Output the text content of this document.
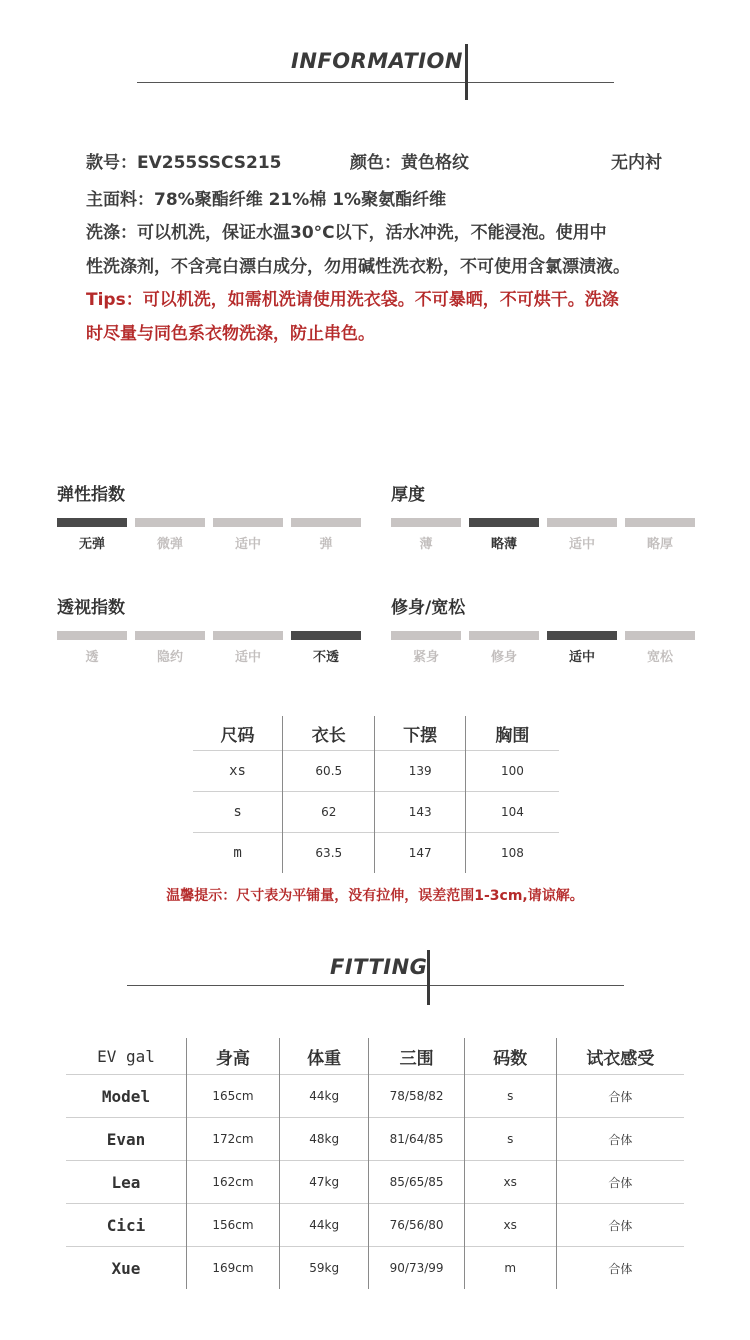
INFORMATION
款号：EV255SSCS215	颜色：黄色格纹	无内衬
主面料：78%聚酯纤维 21%棉 1%聚氨酯纤维
洗涤：可以机洗，保证水温30°C以下，活水冲洗，不能浸泡。使用中
性洗涤剂，不含亮白漂白成分，勿用碱性洗衣粉，不可使用含氯漂渍液。
Tips：可以机洗，如需机洗请使用洗衣袋。不可暴晒，不可烘干。洗涤
时尽量与同色系衣物洗涤，防止串色。
弹性指数
无弹	微弹	适中	弹
厚度
薄	略薄	适中	略厚
透视指数
透	隐约	适中	不透
修身/宽松
紧身	修身	适中	宽松
尺码	衣长	下摆	胸围
xs	60.5	139	100
s	62	143	104
m	63.5	147	108
温馨提示：尺寸表为平铺量，没有拉伸，误差范围1-3cm,请谅解。
FITTING
EV gal	身高	体重	三围	码数	试衣感受
Model	165cm	44kg	78/58/82	s	合体
Evan	172cm	48kg	81/64/85	s	合体
Lea	162cm	47kg	85/65/85	xs	合体
Cici	156cm	44kg	76/56/80	xs	合体
Xue	169cm	59kg	90/73/99	m	合体
